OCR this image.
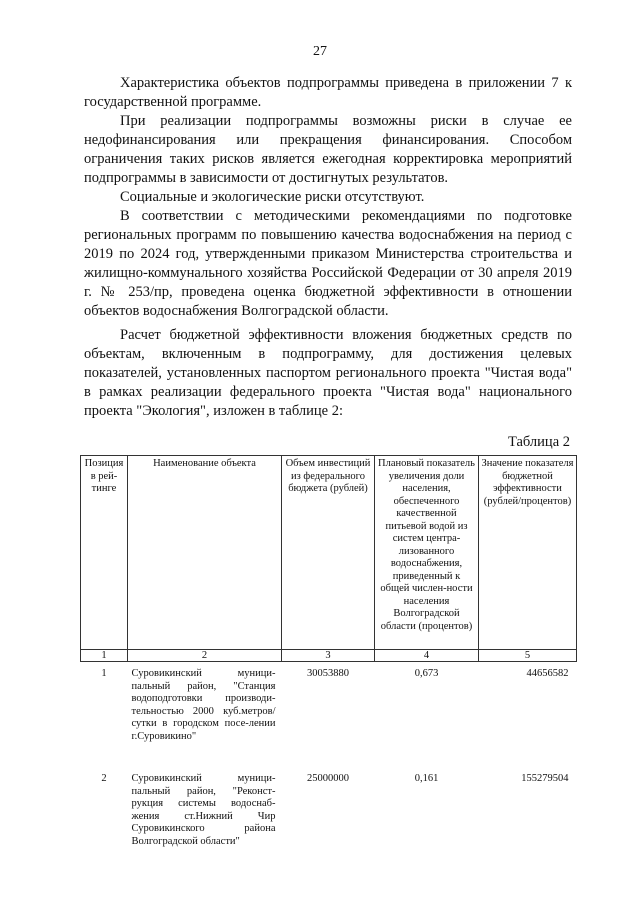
27

Характеристика объектов подпрограммы приведена в приложении 7 к государственной программе.

При реализации подпрограммы возможны риски в случае ее недофинансирования или прекращения финансирования. Способом ограничения таких рисков является ежегодная корректировка мероприятий подпрограммы в зависимости от достигнутых результатов.

Социальные и экологические риски отсутствуют.

В соответствии с методическими рекомендациями по подготовке региональных программ по повышению качества водоснабжения на период с 2019 по 2024 год, утвержденными приказом Министерства строительства и жилищно-коммунального хозяйства Российской Федерации от 30 апреля 2019 г. № 253/пр, проведена оценка бюджетной эффективности в отношении объектов водоснабжения Волгоградской области.

Расчет бюджетной эффективности вложения бюджетных средств по объектам, включенным в подпрограмму, для достижения целевых показателей, установленных паспортом регионального проекта "Чистая вода" в рамках реализации федерального проекта "Чистая вода" национального проекта "Экология", изложен в таблице 2:

Таблица 2
Позиция в рей-тинге	Наименование объекта	Объем инвестиций из федерального бюджета (рублей)	Плановый показатель увеличения доли населения, обеспеченного качественной питьевой водой из систем центра-лизованного водоснабжения, приведенный к общей числен-ности населения Волгоградской области (процентов)	Значение показателя бюджетной эффективности (рублей/процентов)
1	2	3	4	5
1	Суровикинский муници-пальный район, "Станция водоподготовки производи-тельностью 2000 куб.метров/ сутки в городском посе-лении г.Суровикино"	30053880	0,673	44656582
2	Суровикинский муници-пальный район, "Реконст-рукция системы водоснаб-жения ст.Нижний Чир Суровикинского района Волгоградской области"	25000000	0,161	155279504
